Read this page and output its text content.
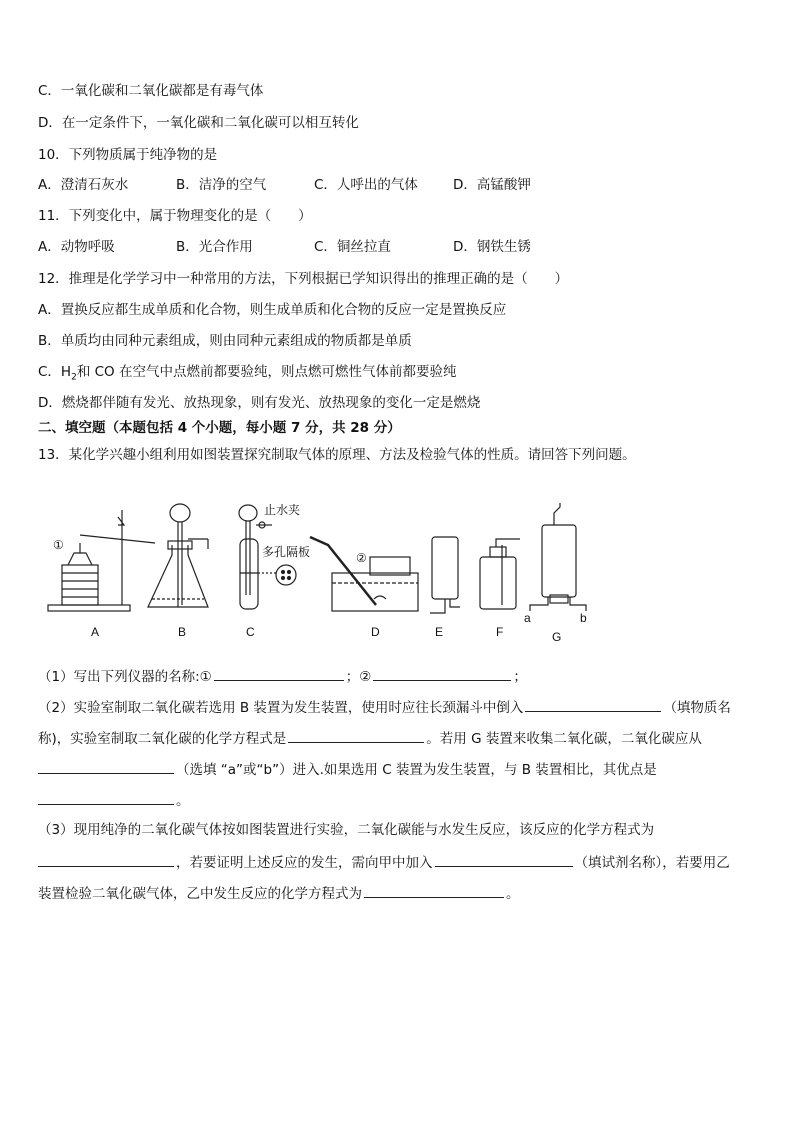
C．一氧化碳和二氧化碳都是有毒气体
D．在一定条件下，一氧化碳和二氧化碳可以相互转化
10．下列物质属于纯净物的是
A．澄清石灰水	B．洁净的空气	C．人呼出的气体	D．高锰酸钾
11．下列变化中，属于物理变化的是（　　）
A．动物呼吸	B．光合作用	C．铜丝拉直	D．钢铁生锈
12．推理是化学学习中一种常用的方法，下列根据已学知识得出的推理正确的是（　　）
A．置换反应都生成单质和化合物，则生成单质和化合物的反应一定是置换反应
B．单质均由同种元素组成，则由同种元素组成的物质都是单质
C．$H_2$和 CO 在空气中点燃前都要验纯，则点燃可燃性气体前都要验纯
D．燃烧都伴随有发光、放热现象，则有发光、放热现象的变化一定是燃烧
二、填空题（本题包括 4 个小题，每小题 7 分，共 28 分）
13．某化学兴趣小组利用如图装置探究制取气体的原理、方法及检验气体的性质。请回答下列问题。
①
止水夹
多孔隔板	②
a	b
A	B	C	D	E	F	G
（1）写出下列仪器的名称:①	；②	；
（2）实验室制取二氧化碳若选用 B 装置为发生装置，使用时应往长颈漏斗中倒入	（填物质名
称)，实验室制取二氧化碳的化学方程式是	。若用 G 装置来收集二氧化碳，二氧化碳应从
（选填 “a”或“b”）进入.如果选用 C 装置为发生装置，与 B 装置相比，其优点是
。
（3）现用纯净的二氧化碳气体按如图装置进行实验，二氧化碳能与水发生反应，该反应的化学方程式为
，若要证明上述反应的发生，需向甲中加入	（填试剂名称），若要用乙
装置检验二氧化碳气体，乙中发生反应的化学方程式为	。
